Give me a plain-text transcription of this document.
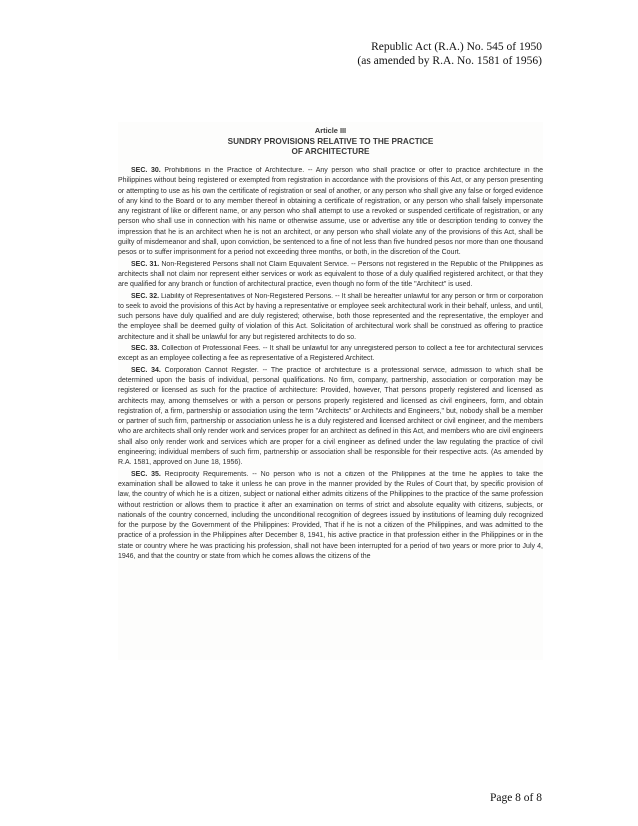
Republic Act (R.A.) No. 545 of 1950
(as amended by R.A. No. 1581 of 1956)
Article III
SUNDRY PROVISIONS RELATIVE TO THE PRACTICE
OF ARCHITECTURE

SEC. 30. Prohibitions in the Practice of Architecture. -- Any person who shall practice or offer to practice architecture in the Philippines without being registered or exempted from registration in accordance with the provisions of this Act, or any person presenting or attempting to use as his own the certificate of registration or seal of another, or any person who shall give any false or forged evidence of any kind to the Board or to any member thereof in obtaining a certificate of registration, or any person who shall falsely impersonate any registrant of like or different name, or any person who shall attempt to use a revoked or suspended certificate of registration, or any person who shall use in connection with his name or otherwise assume, use or advertise any title or description tending to convey the impression that he is an architect when he is not an architect, or any person who shall violate any of the provisions of this Act, shall be guilty of misdemeanor and shall, upon conviction, be sentenced to a fine of not less than five hundred pesos nor more than one thousand pesos or to suffer imprisonment for a period not exceeding three months, or both, in the discretion of the Court.

SEC. 31. Non-Registered Persons shall not Claim Equivalent Service. -- Persons not registered in the Republic of the Philippines as architects shall not claim nor represent either services or work as equivalent to those of a duly qualified registered architect, or that they are qualified for any branch or function of architectural practice, even though no form of the title "Architect" is used.

SEC. 32. Liability of Representatives of Non-Registered Persons. -- It shall be hereafter unlawful for any person or firm or corporation to seek to avoid the provisions of this Act by having a representative or employee seek architectural work in their behalf, unless, and until, such persons have duly qualified and are duly registered; otherwise, both those represented and the representative, the employer and the employee shall be deemed guilty of violation of this Act. Solicitation of architectural work shall be construed as offering to practice architecture and it shall be unlawful for any but registered architects to do so.

SEC. 33. Collection of Professional Fees. -- It shall be unlawful for any unregistered person to collect a fee for architectural services except as an employee collecting a fee as representative of a Registered Architect.

SEC. 34. Corporation Cannot Register. -- The practice of architecture is a professional service, admission to which shall be determined upon the basis of individual, personal qualifications. No firm, company, partnership, association or corporation may be registered or licensed as such for the practice of architecture: Provided, however, That persons properly registered and licensed as architects may, among themselves or with a person or persons properly registered and licensed as civil engineers, form, and obtain registration of, a firm, partnership or association using the term "Architects" or Architects and Engineers," but, nobody shall be a member or partner of such firm, partnership or association unless he is a duly registered and licensed architect or civil engineer, and the members who are architects shall only render work and services proper for an architect as defined in this Act, and members who are civil engineers shall also only render work and services which are proper for a civil engineer as defined under the law regulating the practice of civil engineering; individual members of such firm, partnership or association shall be responsible for their respective acts. (As amended by R.A. 1581, approved on June 18, 1956).

SEC. 35. Reciprocity Requirements. -- No person who is not a citizen of the Philippines at the time he applies to take the examination shall be allowed to take it unless he can prove in the manner provided by the Rules of Court that, by specific provision of law, the country of which he is a citizen, subject or national either admits citizens of the Philippines to the practice of the same profession without restriction or allows them to practice it after an examination on terms of strict and absolute equality with citizens, subjects, or nationals of the country concerned, including the unconditional recognition of degrees issued by institutions of learning duly recognized for the purpose by the Government of the Philippines: Provided, That if he is not a citizen of the Philippines, and was admitted to the practice of a profession in the Philippines after December 8, 1941, his active practice in that profession either in the Philippines or in the state or country where he was practicing his profession, shall not have been interrupted for a period of two years or more prior to July 4, 1946, and that the country or state from which he comes allows the citizens of the

Page 8 of 8
